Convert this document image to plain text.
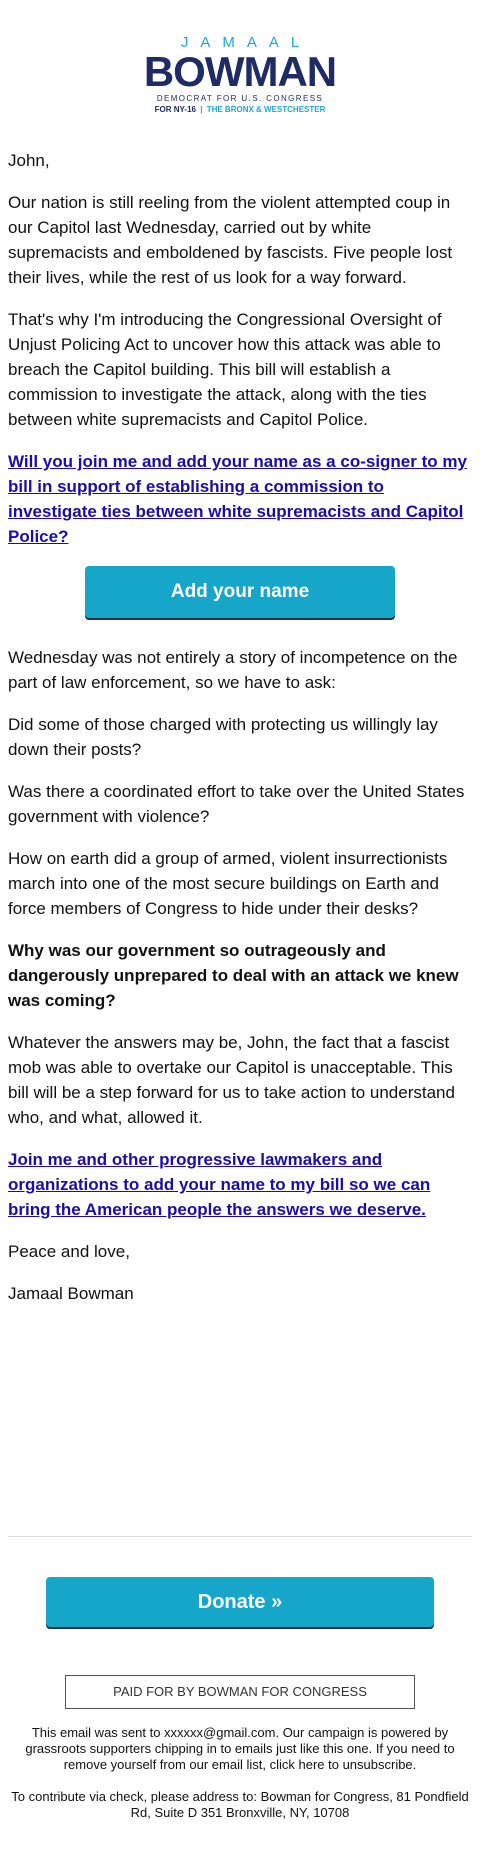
JAMAAL
BOWMAN
DEMOCRAT FOR U.S. CONGRESS
FOR NY-16 | THE BRONX & WESTCHESTER

John,

Our nation is still reeling from the violent attempted coup in our Capitol last Wednesday, carried out by white supremacists and emboldened by fascists. Five people lost their lives, while the rest of us look for a way forward.

That's why I'm introducing the Congressional Oversight of Unjust Policing Act to uncover how this attack was able to breach the Capitol building. This bill will establish a commission to investigate the attack, along with the ties between white supremacists and Capitol Police.

Will you join me and add your name as a co-signer to my bill in support of establishing a commission to investigate ties between white supremacists and Capitol Police?

Add your name

Wednesday was not entirely a story of incompetence on the part of law enforcement, so we have to ask:

Did some of those charged with protecting us willingly lay down their posts?

Was there a coordinated effort to take over the United States government with violence?

How on earth did a group of armed, violent insurrectionists march into one of the most secure buildings on Earth and force members of Congress to hide under their desks?

Why was our government so outrageously and dangerously unprepared to deal with an attack we knew was coming?

Whatever the answers may be, John, the fact that a fascist mob was able to overtake our Capitol is unacceptable. This bill will be a step forward for us to take action to understand who, and what, allowed it.

Join me and other progressive lawmakers and organizations to add your name to my bill so we can bring the American people the answers we deserve.

Peace and love,

Jamaal Bowman

Donate »
PAID FOR BY BOWMAN FOR CONGRESS
This email was sent to xxxxxx@gmail.com. Our campaign is powered by grassroots supporters chipping in to emails just like this one. If you need to remove yourself from our email list, click here to unsubscribe.
To contribute via check, please address to: Bowman for Congress, 81 Pondfield Rd, Suite D 351 Bronxville, NY, 10708
